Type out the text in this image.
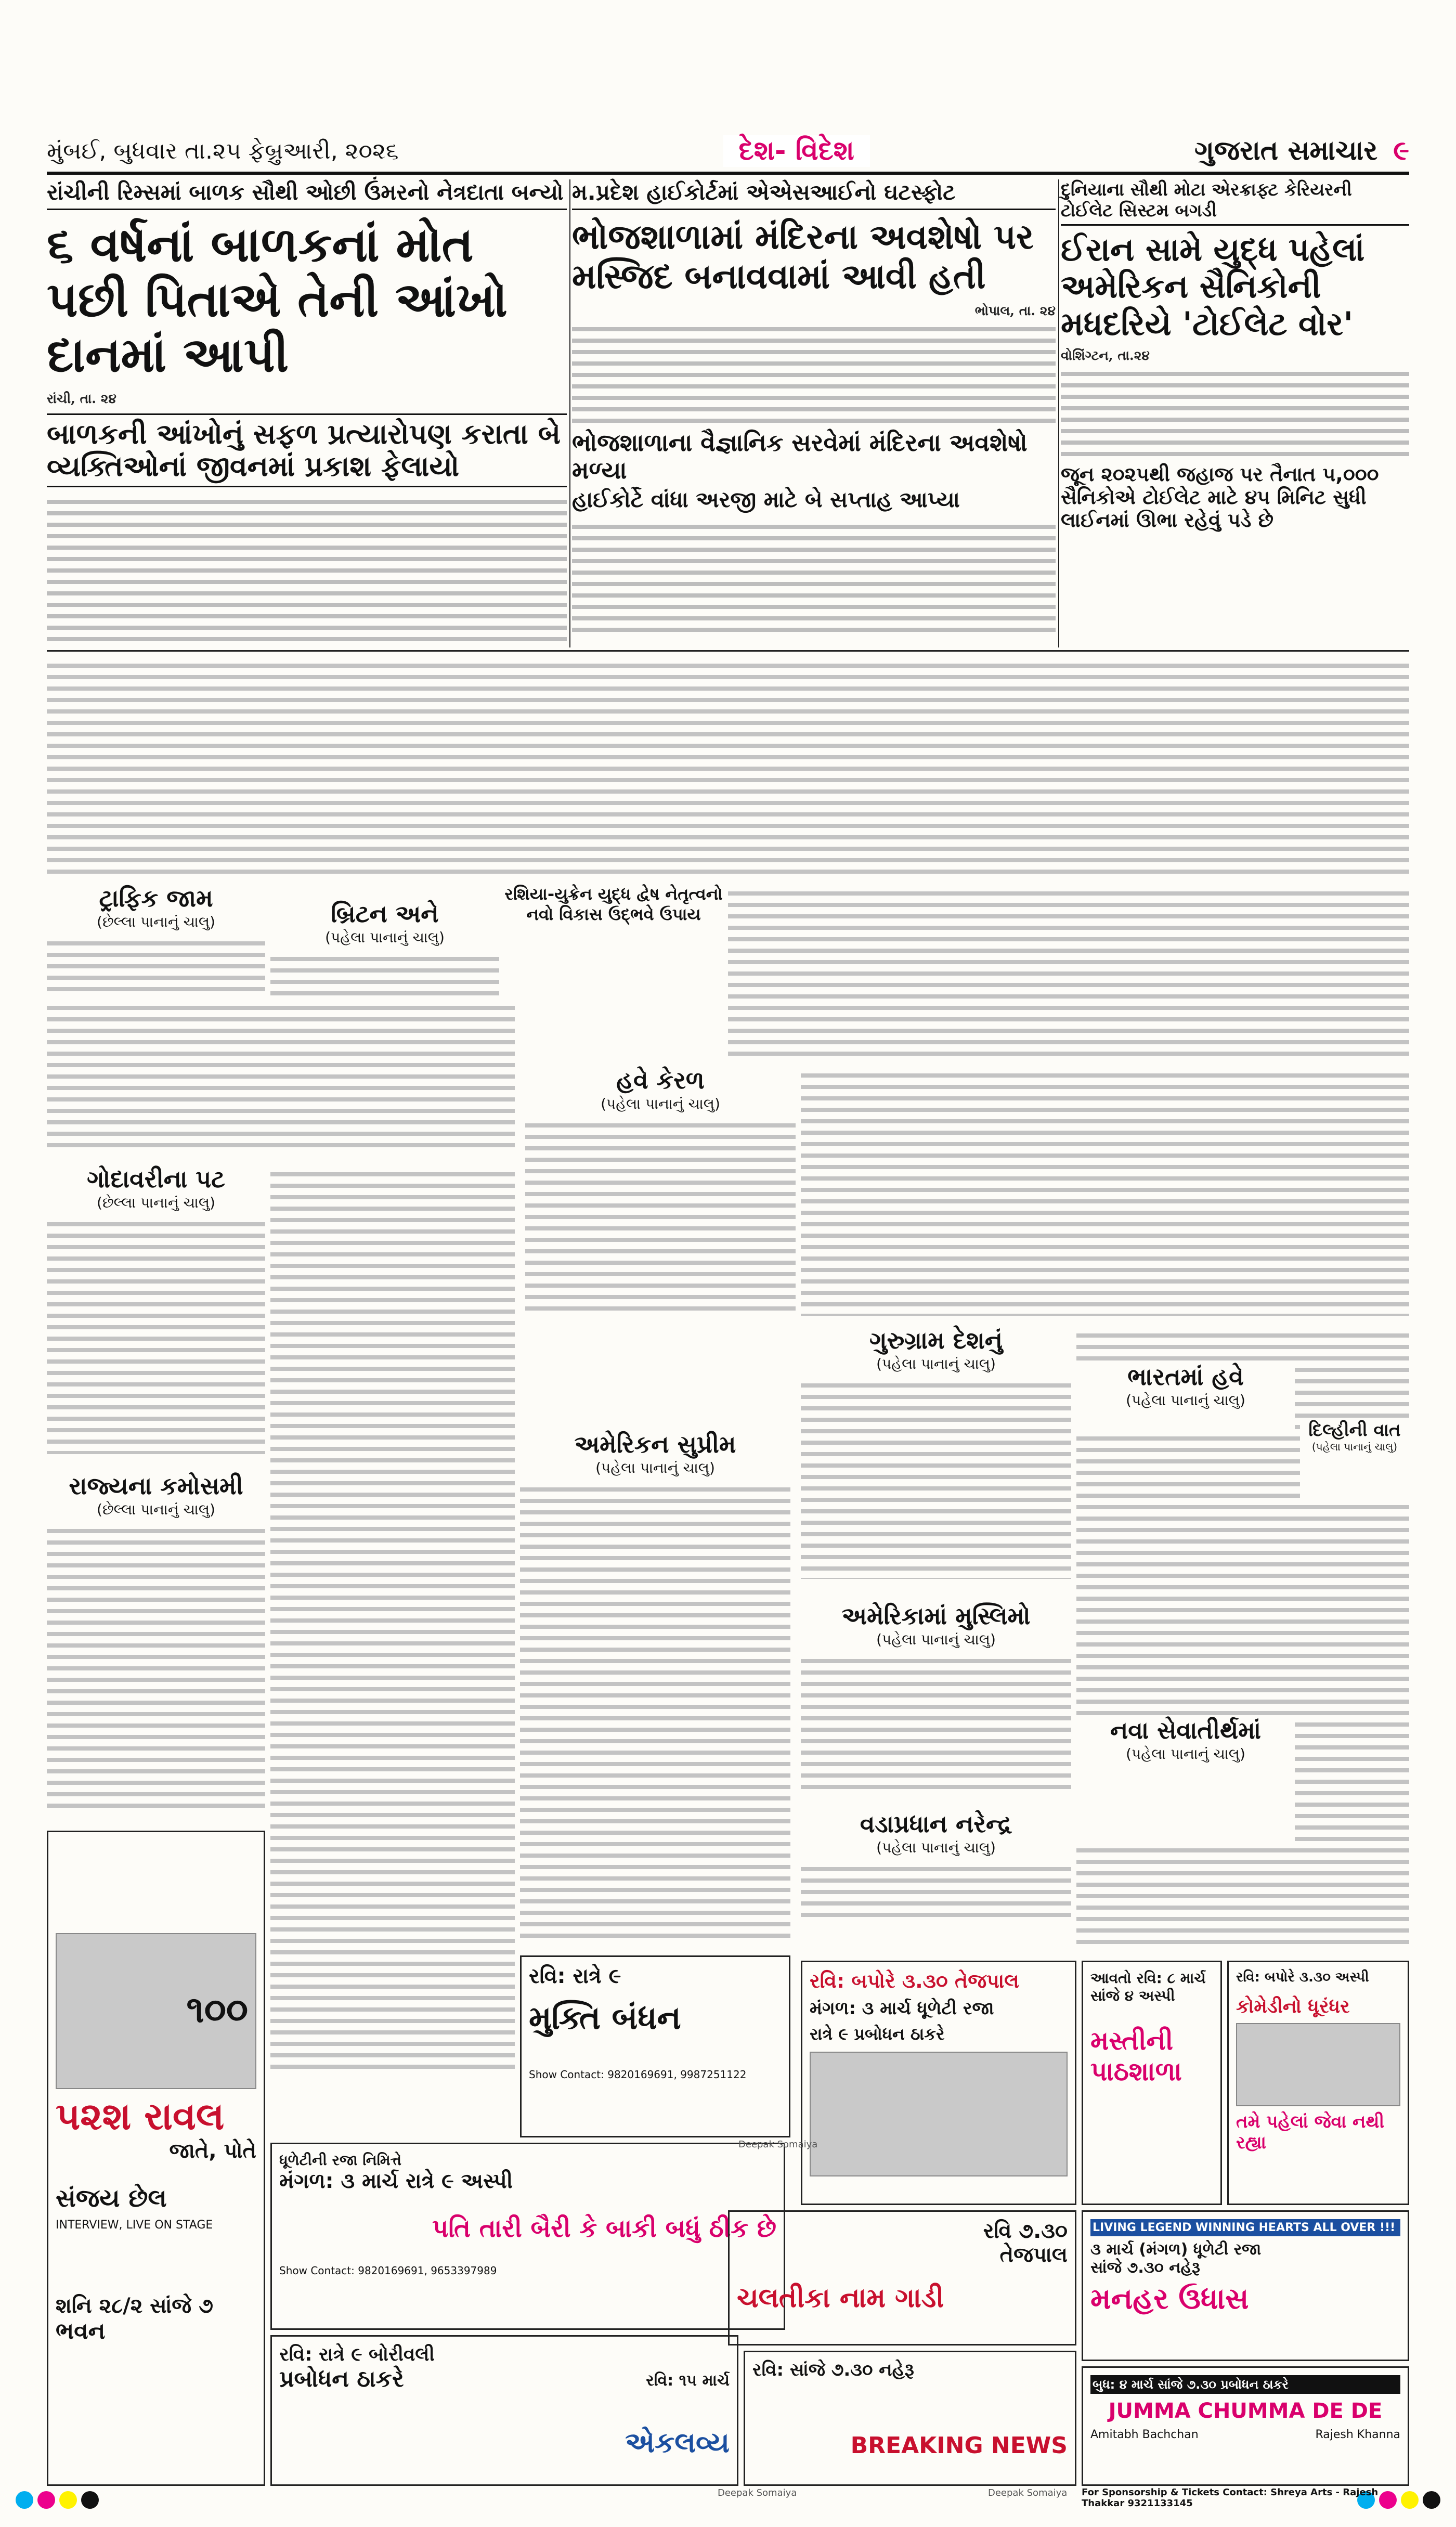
મુંબઈ, બુધવાર તા.૨૫ ફેબ્રુઆરી, ૨૦૨૬	દેશ- વિદેશ	ગુજરાત સમાચાર ૯
રાંચીની રિમ્સમાં બાળક સૌથી ઓછી ઉંમરનો નેત્રદાતા બન્યો
૬ વર્ષનાં બાળકનાં મોત પછી પિતાએ તેની આંખો દાનમાં આપી
રાંચી, તા. ૨૪
બાળકની આંખોનું સફળ પ્રત્યારોપણ કરાતા બે વ્યક્તિઓનાં જીવનમાં પ્રકાશ ફેલાયો
મ.પ્રદેશ હાઈકોર્ટમાં એએસઆઈનો ઘટસ્ફોટ
ભોજશાળામાં મંદિરના અવશેષો પર મસ્જિદ બનાવવામાં આવી હતી
ભોપાલ, તા. ૨૪
ભોજશાળાના વૈજ્ઞાનિક સરવેમાં મંદિરના અવશેષો મળ્યા
હાઈકોર્ટે વાંધા અરજી માટે બે સપ્તાહ આપ્યા
દુનિયાના સૌથી મોટા એરક્રાફ્ટ કેરિયરની ટોઈલેટ સિસ્ટમ બગડી
ઈરાન સામે યુદ્ધ પહેલાં અમેરિકન સૈનિકોની મધદરિયે 'ટોઈલેટ વોર'
વોશિંગ્ટન, તા.૨૪
જૂન ૨૦૨૫થી જહાજ પર તૈનાત ૫,૦૦૦ સૈનિકોએ ટોઈલેટ માટે ૪૫ મિનિટ સુધી લાઈનમાં ઊભા રહેવું પડે છે
ટ્રાફિક જામ
(છેલ્લા પાનાનું ચાલુ)	બ્રિટન અને
(પહેલા પાનાનું ચાલુ)
રશિયા-યુક્રેન યુદ્ધ દ્વેષ નેતૃત્વનો નવો વિકાસ ઉદ્ભવે ઉપાય
હવે કેરળ
(પહેલા પાનાનું ચાલુ)
ગોદાવરીના પટ
(છેલ્લા પાનાનું ચાલુ)
રાજ્યના કમોસમી
(છેલ્લા પાનાનું ચાલુ)
અમેરિકન સુપ્રીમ
(પહેલા પાનાનું ચાલુ)
ગુરુગ્રામ દેશનું
(પહેલા પાનાનું ચાલુ)
અમેરિકામાં મુસ્લિમો
(પહેલા પાનાનું ચાલુ)
નવા સેવાતીર્થમાં
(પહેલા પાનાનું ચાલુ)
ભારતમાં હવે
(પહેલા પાનાનું ચાલુ)
દિલ્હીની વાત
(પહેલા પાનાનું ચાલુ)
વડાપ્રધાન નરેન્દ્ર
(પહેલા પાનાનું ચાલુ)
૧૦૦
૫૨શ રાવલ
જાતે, પોતે
સંજય છેલ
INTERVIEW, LIVE ON STAGE
શનિ ૨૮/૨ સાંજે ૭
ભવન
રવિ: રાત્રે ૯
મુક્તિ બંધન
Show Contact: 9820169691, 9987251122
રવિ: બપોરે ૩.૩૦ તેજપાલ
મંગળ: ૩ માર્ચ ધૂળેટી રજા
રાત્રે ૯ પ્રબોધન ઠાકરે
આવતો રવિ: ૮ માર્ચ
સાંજે ૪ અસ્પી
મસ્તીની પાઠશાળા
રવિ: બપોરે ૩.૩૦ અસ્પી
કોમેડીનો ધૂરંધર
તમે પહેલાં જેવા નથી રહ્યા
ધૂળેટીની રજા નિમિત્તે
મંગળ: ૩ માર્ચ રાત્રે ૯ અસ્પી
પતિ તારી બૈરી કે બાકી બધું ઠીક છે
Show Contact: 9820169691, 9653397989
રવિ ૭.૩૦
તેજપાલ
ચલતીકા નામ ગાડી
LIVING LEGEND WINNING HEARTS ALL OVER !!!
૩ માર્ચ (મંગળ) ધૂળેટી રજા
સાંજે ૭.૩૦ નહેરૂ
મનહર ઉધાસ
રવિ: રાત્રે ૯ બોરીવલી
પ્રબોધન ઠાકરે	રવિ: ૧૫ માર્ચ
એકલવ્ય
રવિ: સાંજે ૭.૩૦ નહેરૂ
BREAKING NEWS
બુધ: ૪ માર્ચ સાંજે ૭.૩૦ પ્રબોધન ઠાકરે
JUMMA CHUMMA DE DE
Amitabh Bachchan	Rajesh Khanna
For Sponsorship & Tickets Contact: Shreya Arts - Rajesh Thakkar 9321133145
Deepak Somaiya	Deepak Somaiya
Deepak Somaiya
